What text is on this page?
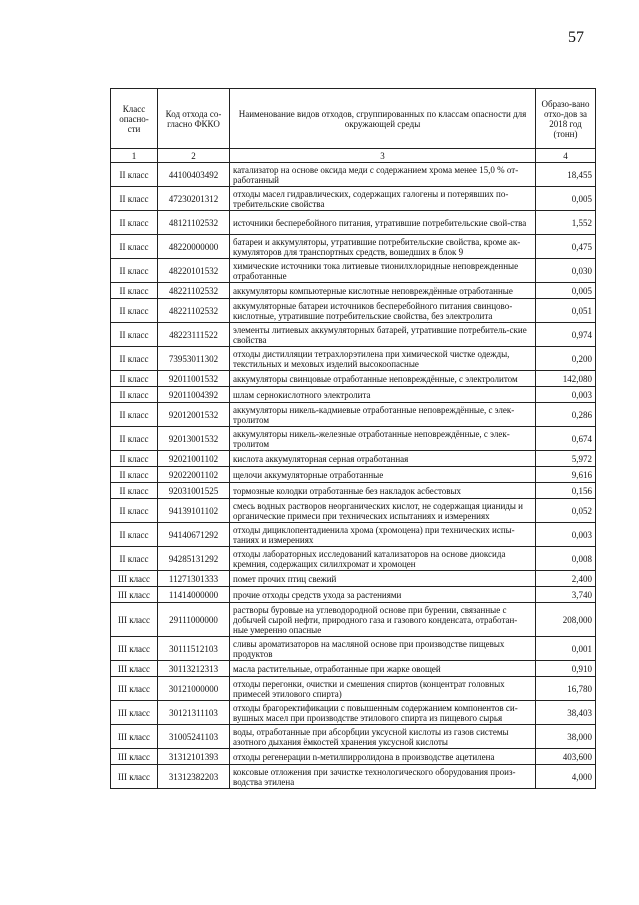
57
Класс опасно-сти	Код отхода со-гласно ФККО	Наименование видов отходов, сгруппированных по классам опасности для окружающей среды	Образо-вано отхо-дов за 2018 год (тонн)
1	2	3	4
II класс	44100403492	катализатор на основе оксида меди с содержанием хрома менее 15,0 % от-работанный	18,455
II класс	47230201312	отходы масел гидравлических, содержащих галогены и потерявших по-требительские свойства	0,005
II класс	48121102532	источники бесперебойного питания, утратившие потребительские свой-ства	1,552
II класс	48220000000	батареи и аккумуляторы, утратившие потребительские свойства, кроме ак-кумуляторов для транспортных средств, вошедших в блок 9	0,475
II класс	48220101532	химические источники тока литиевые тионилхлоридные неповрежденные отработанные	0,030
II класс	48221102532	аккумуляторы компьютерные кислотные неповреждённые отработанные	0,005
II класс	48221102532	аккумуляторные батареи источников бесперебойного питания свинцово-кислотные, утратившие потребительские свойства, без электролита	0,051
II класс	48223111522	элементы литиевых аккумуляторных батарей, утратившие потребитель-ские свойства	0,974
II класс	73953011302	отходы дистилляции тетрахлорэтилена при химической чистке одежды, текстильных и меховых изделий высокоопасные	0,200
II класс	92011001532	аккумуляторы свинцовые отработанные неповреждённые, с электролитом	142,080
II класс	92011004392	шлам сернокислотного электролита	0,003
II класс	92012001532	аккумуляторы никель-кадмиевые отработанные неповреждённые, с элек-тролитом	0,286
II класс	92013001532	аккумуляторы никель-железные отработанные неповреждённые, с элек-тролитом	0,674
II класс	92021001102	кислота аккумуляторная серная отработанная	5,972
II класс	92022001102	щелочи аккумуляторные отработанные	9,616
II класс	92031001525	тормозные колодки отработанные без накладок асбестовых	0,156
II класс	94139101102	смесь водных растворов неорганических кислот, не содержащая цианиды и органические примеси при технических испытаниях и измерениях	0,052
II класс	94140671292	отходы дициклопентадиенила хрома (хромоцена) при технических испы-таниях и измерениях	0,003
II класс	94285131292	отходы лабораторных исследований катализаторов на основе диоксида кремния, содержащих силилхромат и хромоцен	0,008
III класс	11271301333	помет прочих птиц свежий	2,400
III класс	11414000000	прочие отходы средств ухода за растениями	3,740
III класс	29111000000	растворы буровые на углеводородной основе при бурении, связанные с добычей сырой нефти, природного газа и газового конденсата, отработан-ные умеренно опасные	208,000
III класс	30111512103	сливы ароматизаторов на масляной основе при производстве пищевых продуктов	0,001
III класс	30113212313	масла растительные, отработанные при жарке овощей	0,910
III класс	30121000000	отходы перегонки, очистки и смешения спиртов (концентрат головных примесей этилового спирта)	16,780
III класс	30121311103	отходы брагоректификации с повышенным содержанием компонентов си-вушных масел при производстве этилового спирта из пищевого сырья	38,403
III класс	31005241103	воды, отработанные при абсорбции уксусной кислоты из газов системы азотного дыхания ёмкостей хранения уксусной кислоты	38,000
III класс	31312101393	отходы регенерации n-метилпирролидона в производстве ацетилена	403,600
III класс	31312382203	коксовые отложения при зачистке технологического оборудования произ-водства этилена	4,000
